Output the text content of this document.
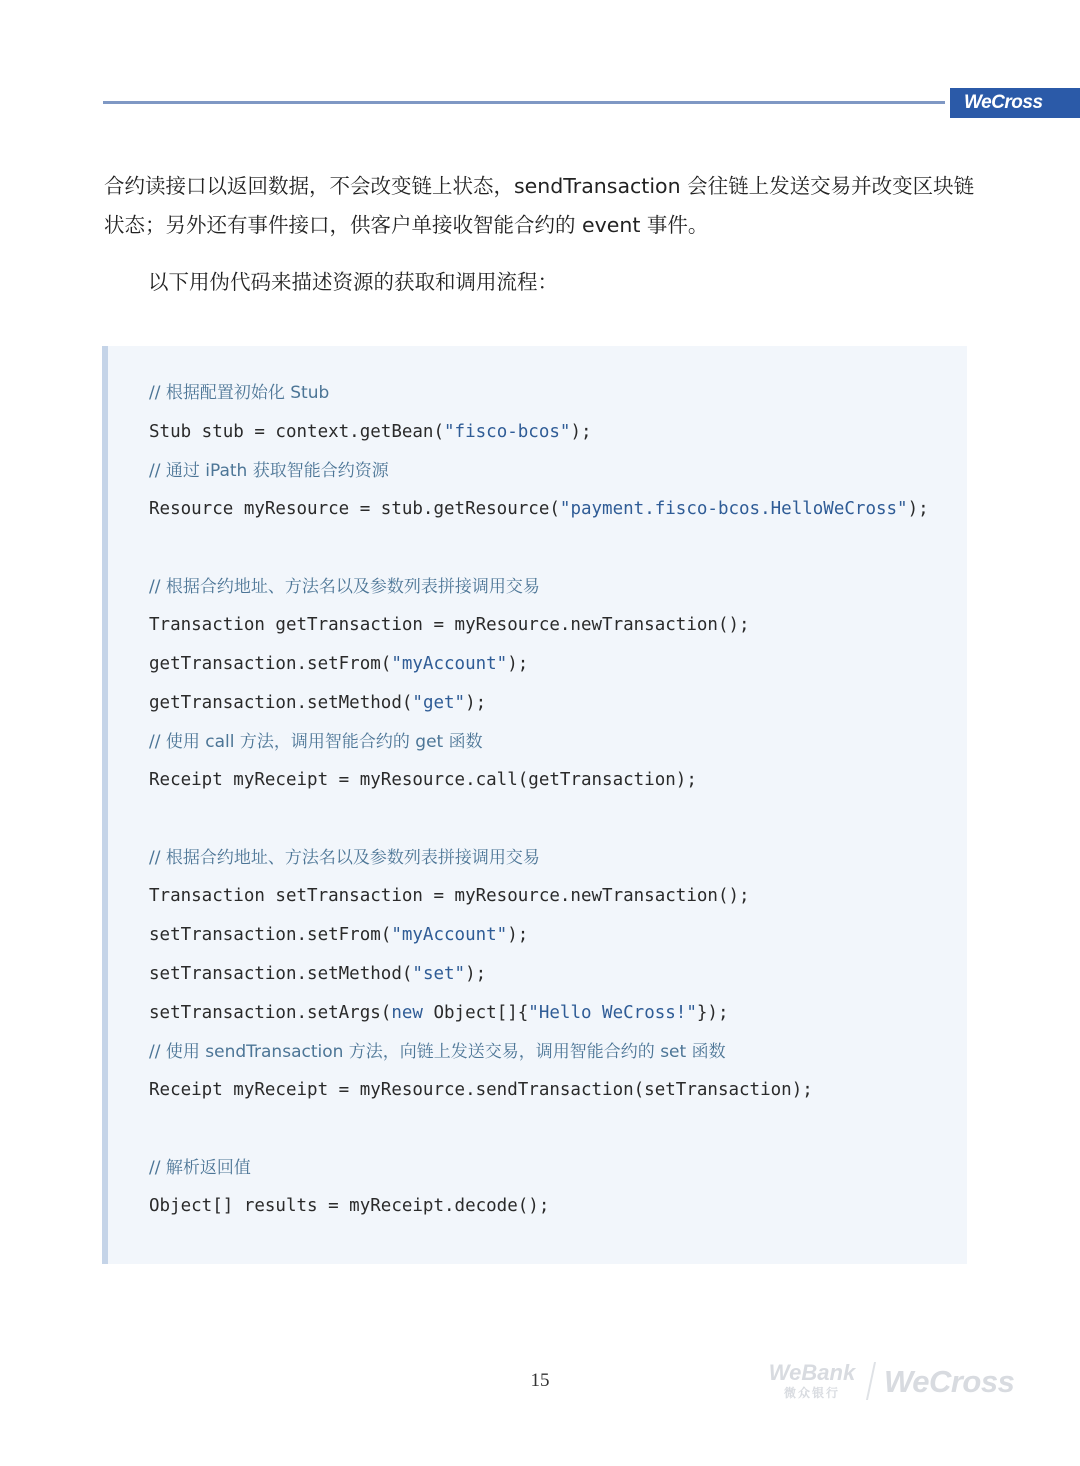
WeCross

合约读接口以返回数据，不会改变链上状态，sendTransaction 会往链上发送交易并改变区块链状态；另外还有事件接口，供客户单接收智能合约的 event 事件。

以下用伪代码来描述资源的获取和调用流程：

// 根据配置初始化 Stub
Stub stub = context.getBean("fisco-bcos");
// 通过 iPath 获取智能合约资源
Resource myResource = stub.getResource("payment.fisco-bcos.HelloWeCross");
// 根据合约地址、方法名以及参数列表拼接调用交易
Transaction getTransaction = myResource.newTransaction();
getTransaction.setFrom("myAccount");
getTransaction.setMethod("get");
// 使用 call 方法，调用智能合约的 get 函数
Receipt myReceipt = myResource.call(getTransaction);
// 根据合约地址、方法名以及参数列表拼接调用交易
Transaction setTransaction = myResource.newTransaction();
setTransaction.setFrom("myAccount");
setTransaction.setMethod("set");
setTransaction.setArgs(new Object[]{"Hello WeCross!"});
// 使用 sendTransaction 方法，向链上发送交易，调用智能合约的 set 函数
Receipt myReceipt = myResource.sendTransaction(setTransaction);
// 解析返回值
Object[] results = myReceipt.decode();
15	WeBank
微众银行	WeCross
